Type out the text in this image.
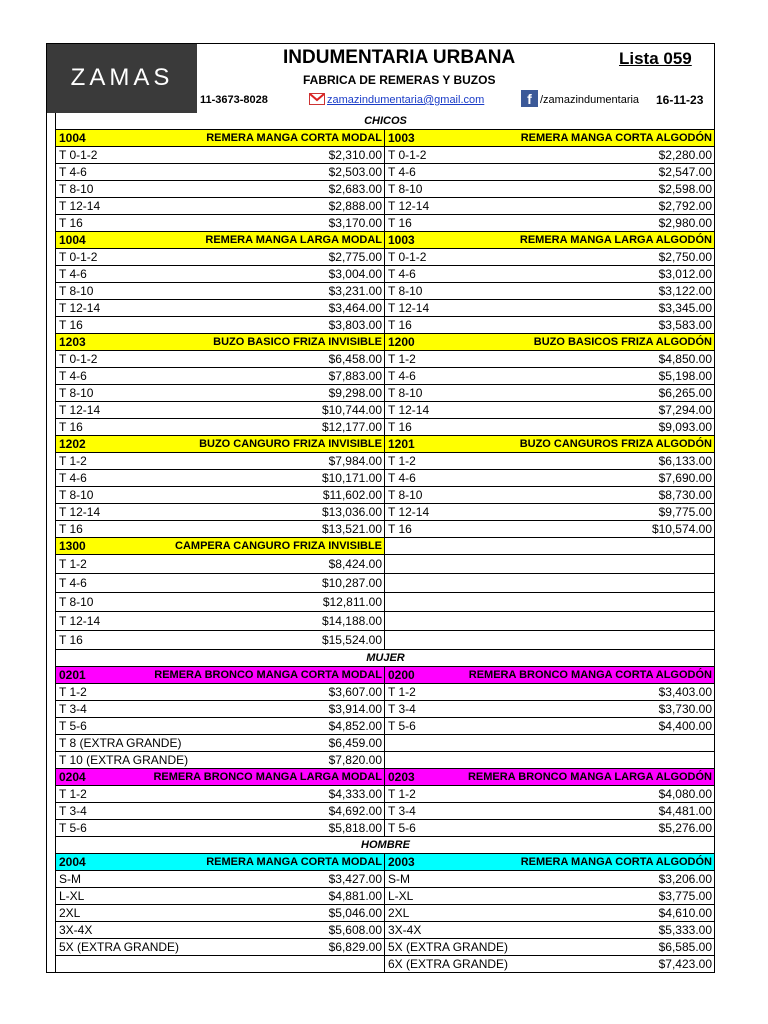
ZAMAS
INDUMENTARIA URBANA	Lista 059
FABRICA DE REMERAS Y BUZOS
11-3673-8028	zamazindumentaria@gmail.com	f /zamazindumentaria 16-11-23
CHICOS
1004	REMERA MANGA CORTA MODAL 1003	REMERA MANGA CORTA ALGODÓN
T 0-1-2	$2,310.00 T 0-1-2	$2,280.00
T 4-6	$2,503.00 T 4-6	$2,547.00
T 8-10	$2,683.00 T 8-10	$2,598.00
T 12-14	$2,888.00 T 12-14	$2,792.00
T 16	$3,170.00 T 16	$2,980.00
1004	REMERA MANGA LARGA MODAL 1003	REMERA MANGA LARGA ALGODÓN
T 0-1-2	$2,775.00 T 0-1-2	$2,750.00
T 4-6	$3,004.00 T 4-6	$3,012.00
T 8-10	$3,231.00 T 8-10	$3,122.00
T 12-14	$3,464.00 T 12-14	$3,345.00
T 16	$3,803.00 T 16	$3,583.00
1203	BUZO BASICO FRIZA INVISIBLE 1200	BUZO BASICOS FRIZA ALGODÓN
T 0-1-2	$6,458.00 T 1-2	$4,850.00
T 4-6	$7,883.00 T 4-6	$5,198.00
T 8-10	$9,298.00 T 8-10	$6,265.00
T 12-14	$10,744.00 T 12-14	$7,294.00
T 16	$12,177.00 T 16	$9,093.00
1202	BUZO CANGURO FRIZA INVISIBLE 1201	BUZO CANGUROS FRIZA ALGODÓN
T 1-2	$7,984.00 T 1-2	$6,133.00
T 4-6	$10,171.00 T 4-6	$7,690.00
T 8-10	$11,602.00 T 8-10	$8,730.00
T 12-14	$13,036.00 T 12-14	$9,775.00
T 16	$13,521.00 T 16	$10,574.00
1300	CAMPERA CANGURO FRIZA INVISIBLE
T 1-2	$8,424.00
T 4-6	$10,287.00
T 8-10	$12,811.00
T 12-14	$14,188.00
T 16	$15,524.00
MUJER
0201	REMERA BRONCO MANGA CORTA MODAL 0200	REMERA BRONCO MANGA CORTA ALGODÓN
T 1-2	$3,607.00 T 1-2	$3,403.00
T 3-4	$3,914.00 T 3-4	$3,730.00
T 5-6	$4,852.00 T 5-6	$4,400.00
T 8 (EXTRA GRANDE)	$6,459.00
T 10 (EXTRA GRANDE)	$7,820.00
0204	REMERA BRONCO MANGA LARGA MODAL 0203	REMERA BRONCO MANGA LARGA ALGODÓN
T 1-2	$4,333.00 T 1-2	$4,080.00
T 3-4	$4,692.00 T 3-4	$4,481.00
T 5-6	$5,818.00 T 5-6	$5,276.00
HOMBRE
2004	REMERA MANGA CORTA MODAL 2003	REMERA MANGA CORTA ALGODÓN
S-M	$3,427.00 S-M	$3,206.00
L-XL	$4,881.00 L-XL	$3,775.00
2XL	$5,046.00 2XL	$4,610.00
3X-4X	$5,608.00 3X-4X	$5,333.00
5X (EXTRA GRANDE)	$6,829.00 5X (EXTRA GRANDE)	$6,585.00
6X (EXTRA GRANDE)	$7,423.00
